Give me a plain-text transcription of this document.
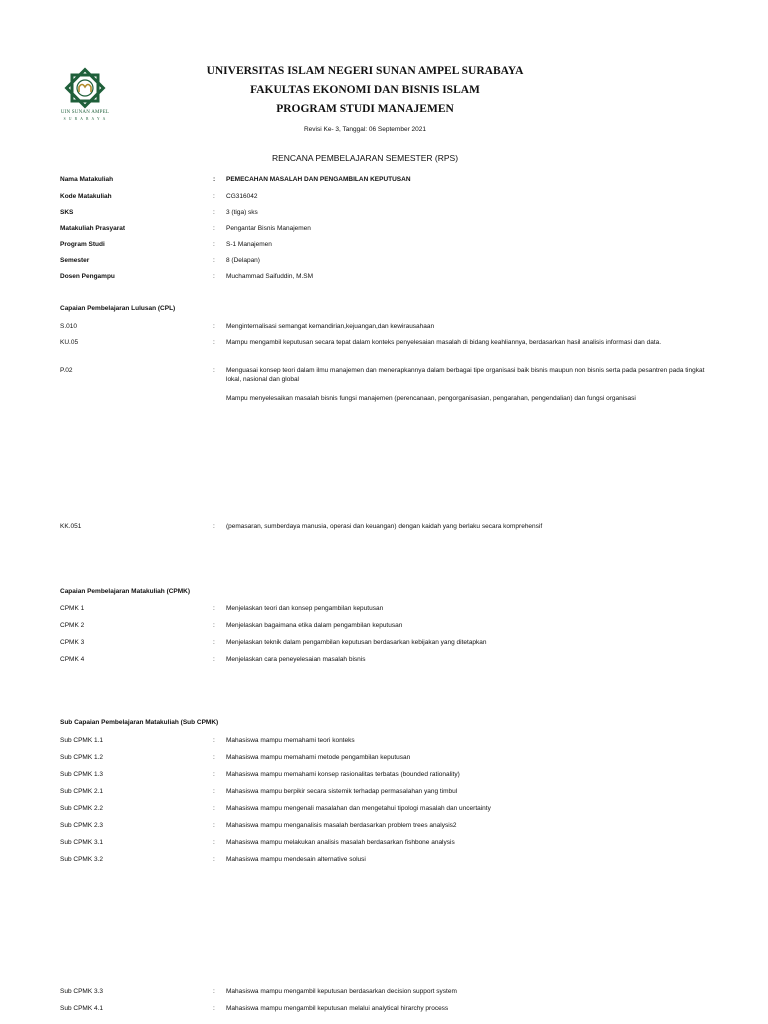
UIN SUNAN AMPEL
S U R A B A Y A
UNIVERSITAS ISLAM NEGERI SUNAN AMPEL SURABAYA
FAKULTAS EKONOMI DAN BISNIS ISLAM
PROGRAM STUDI MANAJEMEN
Revisi Ke- 3, Tanggal: 06 September 2021
RENCANA PEMBELAJARAN SEMESTER (RPS)
Nama Matakuliah	: PEMECAHAN MASALAH DAN PENGAMBILAN KEPUTUSAN
Kode Matakuliah	: CG316042
SKS	: 3 (tiga) sks
Matakuliah Prasyarat	: Pengantar Bisnis Manajemen
Program Studi	: S-1 Manajemen
Semester	: 8 (Delapan)
Dosen Pengampu	: Muchammad Saifuddin, M.SM
Capaian Pembelajaran Lulusan (CPL)
S.010	: Menginternalisasi semangat kemandirian,kejuangan,dan kewirausahaan
KU.05	: Mampu mengambil keputusan secara tepat dalam konteks penyelesaian masalah di bidang keahliannya, berdasarkan hasil analisis informasi dan data.
P.02	: Menguasai konsep teori dalam ilmu manajemen dan menerapkannya dalam berbagai tipe organisasi baik bisnis maupun non bisnis serta pada pesantren pada tingkat lokal, nasional dan global
Mampu menyelesaikan masalah bisnis fungsi manajemen (perencanaan, pengorganisasian, pengarahan, pengendalian) dan fungsi organisasi
KK.051	: (pemasaran, sumberdaya manusia, operasi dan keuangan) dengan kaidah yang berlaku secara komprehensif
Capaian Pembelajaran Matakuliah (CPMK)
CPMK 1	: Menjelaskan teori dan konsep pengambilan keputusan
CPMK 2	: Menjelaskan bagaimana etika dalam pengambilan keputusan
CPMK 3	: Menjelaskan teknik dalam pengambilan keputusan berdasarkan kebijakan yang ditetapkan
CPMK 4	: Menjelaskan cara peneyelesaian masalah bisnis
Sub Capaian Pembelajaran Matakuliah (Sub CPMK)
Sub CPMK 1.1	: Mahasiswa mampu memahami teori konteks
Sub CPMK 1.2	: Mahasiswa mampu memahami metode pengambilan keputusan
Sub CPMK 1.3	: Mahasiswa mampu memahami konsep rasionalitas terbatas (bounded rationality)
Sub CPMK 2.1	: Mahasiswa mampu berpikir secara sistemik terhadap permasalahan yang timbul
Sub CPMK 2.2	: Mahasiswa mampu mengenali masalahan dan mengetahui tipologi masalah dan uncertainty
Sub CPMK 2.3	: Mahasiswa mampu menganalisis masalah berdasarkan problem trees analysis2
Sub CPMK 3.1	: Mahasiswa mampu melakukan analisis masalah berdasarkan fishbone analysis
Sub CPMK 3.2	: Mahasiswa mampu mendesain alternative solusi
Sub CPMK 3.3	: Mahasiswa mampu mengambil keputusan berdasarkan decision support system
Sub CPMK 4.1	: Mahasiswa mampu mengambil keputusan melalui analytical hirarchy process
